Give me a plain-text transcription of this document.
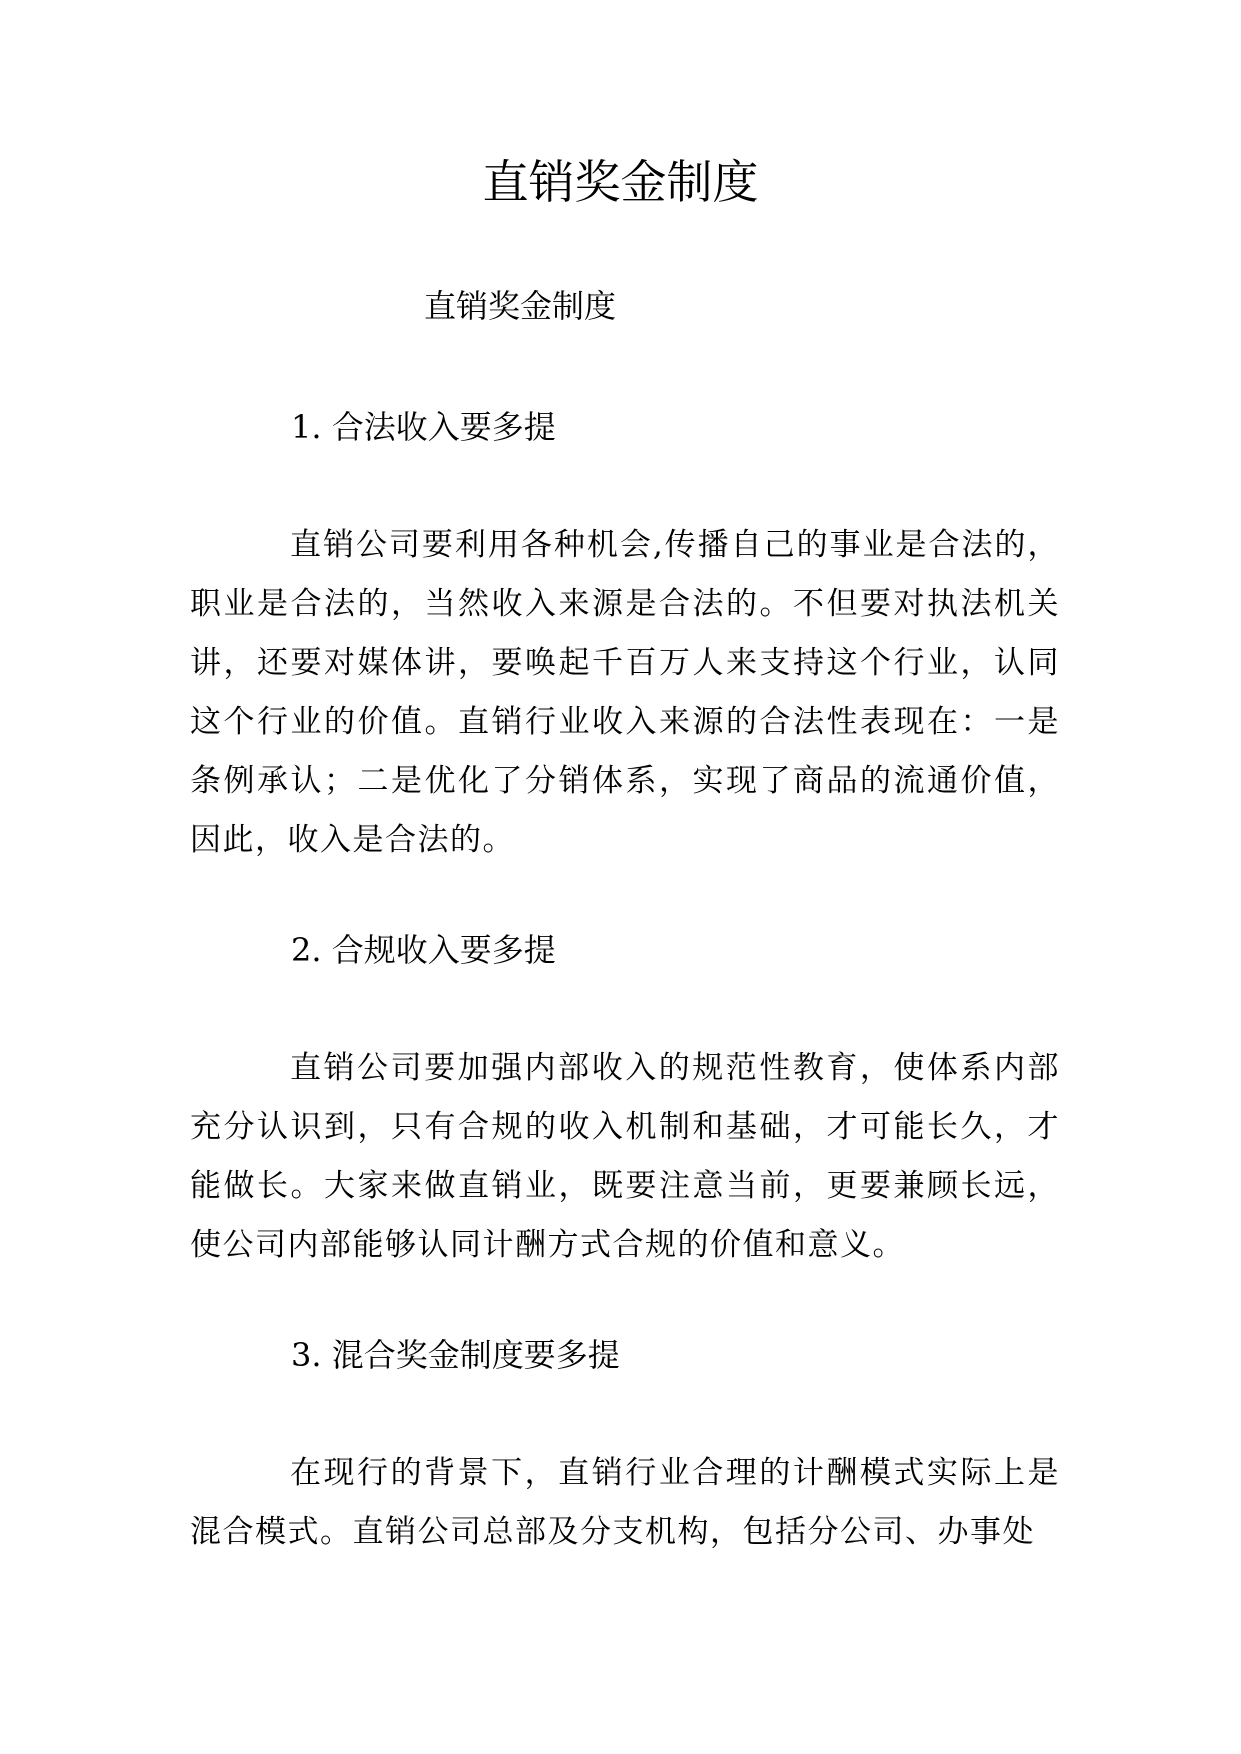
直销奖金制度

直销奖金制度

1. 合法收入要多提

直销公司要利用各种机会,传播自己的事业是合法的，职业是合法的，当然收入来源是合法的。不但要对执法机关讲，还要对媒体讲，要唤起千百万人来支持这个行业，认同这个行业的价值。直销行业收入来源的合法性表现在：一是条例承认；二是优化了分销体系，实现了商品的流通价值，因此，收入是合法的。

2. 合规收入要多提

直销公司要加强内部收入的规范性教育，使体系内部充分认识到，只有合规的收入机制和基础，才可能长久，才能做长。大家来做直销业，既要注意当前，更要兼顾长远，使公司内部能够认同计酬方式合规的价值和意义。

3. 混合奖金制度要多提

在现行的背景下，直销行业合理的计酬模式实际上是混合模式。直销公司总部及分支机构，包括分公司、办事处
